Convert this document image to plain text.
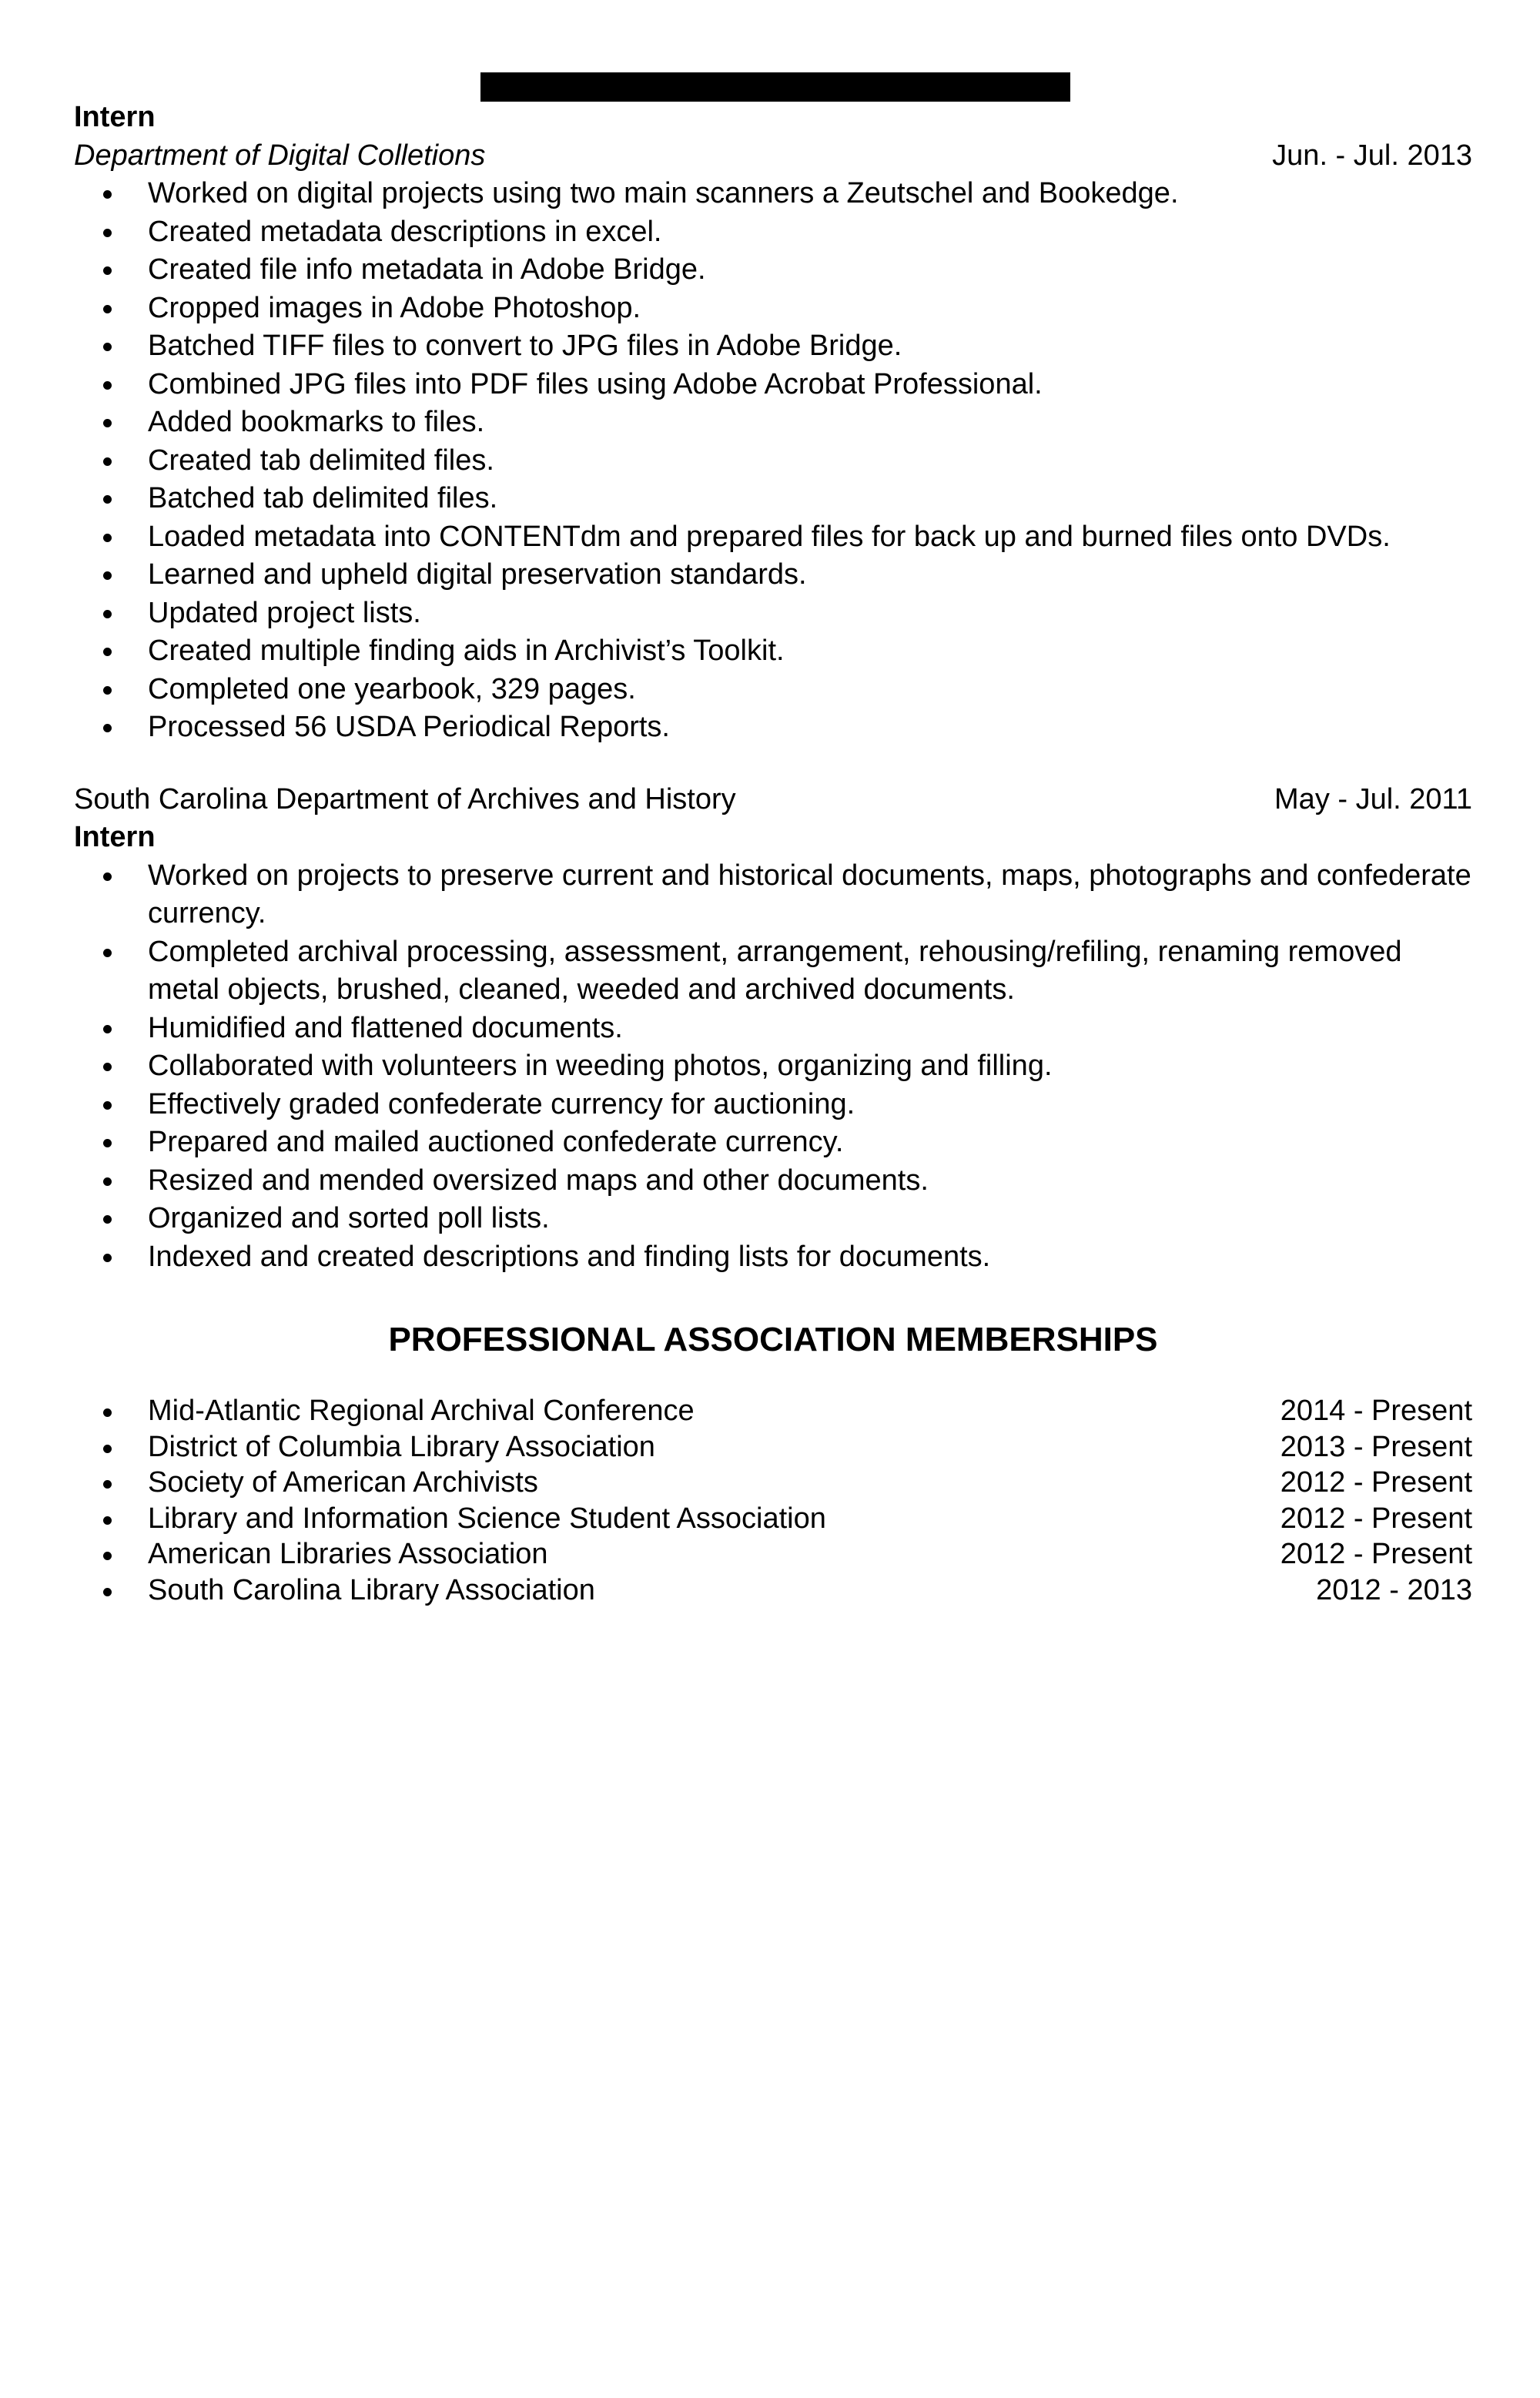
Intern
Department of Digital Colletions	Jun. - Jul. 2013
Worked on digital projects using two main scanners a Zeutschel and Bookedge.
Created metadata descriptions in excel.
Created file info metadata in Adobe Bridge.
Cropped images in Adobe Photoshop.
Batched TIFF files to convert to JPG files in Adobe Bridge.
Combined JPG files into PDF files using Adobe Acrobat Professional.
Added bookmarks to files.
Created tab delimited files.
Batched tab delimited files.
Loaded metadata into CONTENTdm and prepared files for back up and burned files onto DVDs.
Learned and upheld digital preservation standards.
Updated project lists.
Created multiple finding aids in Archivist’s Toolkit.
Completed one yearbook, 329 pages.
Processed 56 USDA Periodical Reports.
South Carolina Department of Archives and History	May - Jul. 2011
Intern
Worked on projects to preserve current and historical documents, maps, photographs and confederate currency.
Completed archival processing, assessment, arrangement, rehousing/refiling, renaming removed metal objects, brushed, cleaned, weeded and archived documents.
Humidified and flattened documents.
Collaborated with volunteers in weeding photos, organizing and filling.
Effectively graded confederate currency for auctioning.
Prepared and mailed auctioned confederate currency.
Resized and mended oversized maps and other documents.
Organized and sorted poll lists.
Indexed and created descriptions and finding lists for documents.
PROFESSIONAL ASSOCIATION MEMBERSHIPS
Mid-Atlantic Regional Archival Conference	2014 - Present
District of Columbia Library Association	2013 - Present
Society of American Archivists	2012 - Present
Library and Information Science Student Association	2012 - Present
American Libraries Association	2012 - Present
South Carolina Library Association	2012 - 2013
